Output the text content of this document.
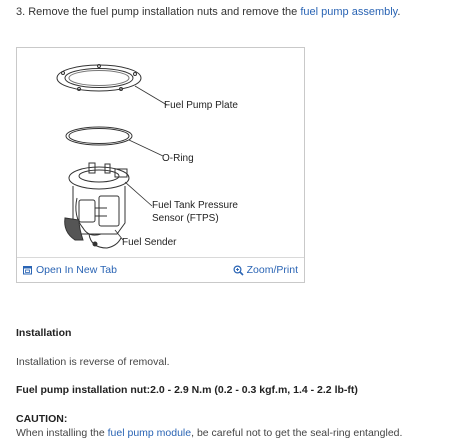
3. Remove the fuel pump installation nuts and remove the fuel pump assembly.
Fuel Pump Plate
O-Ring
Fuel Tank Pressure
Sensor (FTPS)
Fuel Sender
Open In New Tab	Zoom/Print
Installation
Installation is reverse of removal.
Fuel pump installation nut:2.0 - 2.9 N.m (0.2 - 0.3 kgf.m, 1.4 - 2.2 lb-ft)
CAUTION:
When installing the fuel pump module, be careful not to get the seal-ring entangled.
